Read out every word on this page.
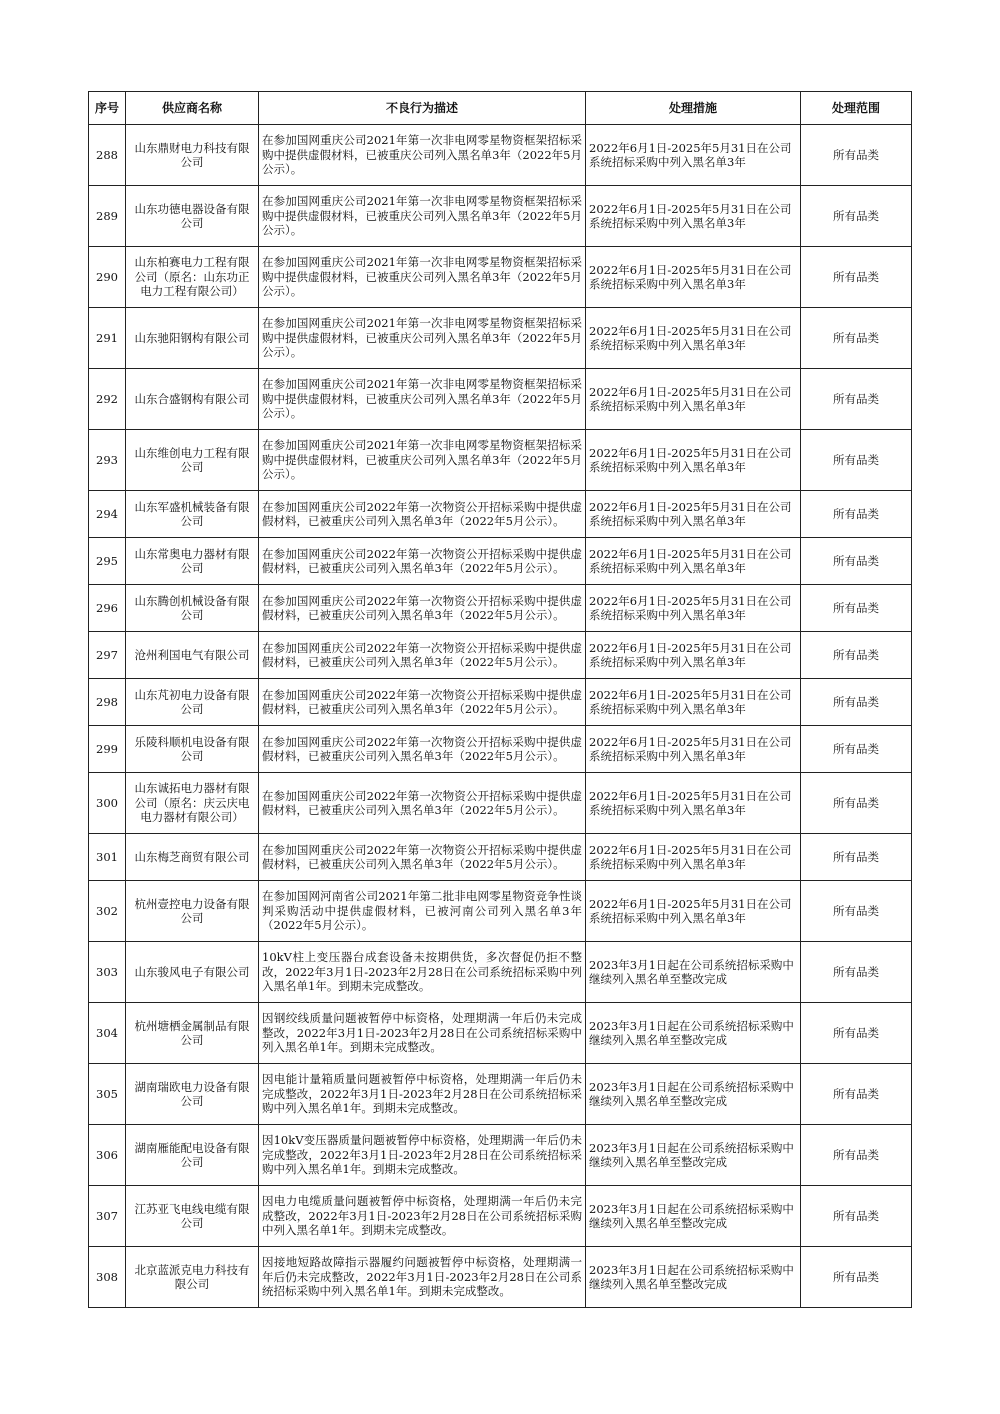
序号	供应商名称	不良行为描述	处理措施	处理范围
288	山东鼎财电力科技有限公司	在参加国网重庆公司2021年第一次非电网零星物资框架招标采购中提供虚假材料，已被重庆公司列入黑名单3年（2022年5月公示）。	2022年6月1日-2025年5月31日在公司系统招标采购中列入黑名单3年	所有品类
289	山东功德电器设备有限公司	在参加国网重庆公司2021年第一次非电网零星物资框架招标采购中提供虚假材料，已被重庆公司列入黑名单3年（2022年5月公示）。	2022年6月1日-2025年5月31日在公司系统招标采购中列入黑名单3年	所有品类
290	山东柏赛电力工程有限公司（原名：山东功正电力工程有限公司）	在参加国网重庆公司2021年第一次非电网零星物资框架招标采购中提供虚假材料，已被重庆公司列入黑名单3年（2022年5月公示）。	2022年6月1日-2025年5月31日在公司系统招标采购中列入黑名单3年	所有品类
291	山东驰阳钢构有限公司	在参加国网重庆公司2021年第一次非电网零星物资框架招标采购中提供虚假材料，已被重庆公司列入黑名单3年（2022年5月公示）。	2022年6月1日-2025年5月31日在公司系统招标采购中列入黑名单3年	所有品类
292	山东合盛钢构有限公司	在参加国网重庆公司2021年第一次非电网零星物资框架招标采购中提供虚假材料，已被重庆公司列入黑名单3年（2022年5月公示）。	2022年6月1日-2025年5月31日在公司系统招标采购中列入黑名单3年	所有品类
293	山东维创电力工程有限公司	在参加国网重庆公司2021年第一次非电网零星物资框架招标采购中提供虚假材料，已被重庆公司列入黑名单3年（2022年5月公示）。	2022年6月1日-2025年5月31日在公司系统招标采购中列入黑名单3年	所有品类
294	山东军盛机械装备有限公司	在参加国网重庆公司2022年第一次物资公开招标采购中提供虚假材料，已被重庆公司列入黑名单3年（2022年5月公示）。	2022年6月1日-2025年5月31日在公司系统招标采购中列入黑名单3年	所有品类
295	山东常奥电力器材有限公司	在参加国网重庆公司2022年第一次物资公开招标采购中提供虚假材料，已被重庆公司列入黑名单3年（2022年5月公示）。	2022年6月1日-2025年5月31日在公司系统招标采购中列入黑名单3年	所有品类
296	山东腾创机械设备有限公司	在参加国网重庆公司2022年第一次物资公开招标采购中提供虚假材料，已被重庆公司列入黑名单3年（2022年5月公示）。	2022年6月1日-2025年5月31日在公司系统招标采购中列入黑名单3年	所有品类
297	沧州利国电气有限公司	在参加国网重庆公司2022年第一次物资公开招标采购中提供虚假材料，已被重庆公司列入黑名单3年（2022年5月公示）。	2022年6月1日-2025年5月31日在公司系统招标采购中列入黑名单3年	所有品类
298	山东芃初电力设备有限公司	在参加国网重庆公司2022年第一次物资公开招标采购中提供虚假材料，已被重庆公司列入黑名单3年（2022年5月公示）。	2022年6月1日-2025年5月31日在公司系统招标采购中列入黑名单3年	所有品类
299	乐陵科顺机电设备有限公司	在参加国网重庆公司2022年第一次物资公开招标采购中提供虚假材料，已被重庆公司列入黑名单3年（2022年5月公示）。	2022年6月1日-2025年5月31日在公司系统招标采购中列入黑名单3年	所有品类
300	山东诚拓电力器材有限公司（原名：庆云庆电电力器材有限公司）	在参加国网重庆公司2022年第一次物资公开招标采购中提供虚假材料，已被重庆公司列入黑名单3年（2022年5月公示）。	2022年6月1日-2025年5月31日在公司系统招标采购中列入黑名单3年	所有品类
301	山东梅芝商贸有限公司	在参加国网重庆公司2022年第一次物资公开招标采购中提供虚假材料，已被重庆公司列入黑名单3年（2022年5月公示）。	2022年6月1日-2025年5月31日在公司系统招标采购中列入黑名单3年	所有品类
302	杭州壹控电力设备有限公司	在参加国网河南省公司2021年第二批非电网零星物资竞争性谈判采购活动中提供虚假材料，已被河南公司列入黑名单3年（2022年5月公示）。	2022年6月1日-2025年5月31日在公司系统招标采购中列入黑名单3年	所有品类
303	山东骏风电子有限公司	10kV柱上变压器台成套设备未按期供货，多次督促仍拒不整改，2022年3月1日-2023年2月28日在公司系统招标采购中列入黑名单1年。到期未完成整改。	2023年3月1日起在公司系统招标采购中继续列入黑名单至整改完成	所有品类
304	杭州塘栖金属制品有限公司	因钢绞线质量问题被暂停中标资格，处理期满一年后仍未完成整改，2022年3月1日-2023年2月28日在公司系统招标采购中列入黑名单1年。到期未完成整改。	2023年3月1日起在公司系统招标采购中继续列入黑名单至整改完成	所有品类
305	湖南瑞欧电力设备有限公司	因电能计量箱质量问题被暂停中标资格，处理期满一年后仍未完成整改，2022年3月1日-2023年2月28日在公司系统招标采购中列入黑名单1年。到期未完成整改。	2023年3月1日起在公司系统招标采购中继续列入黑名单至整改完成	所有品类
306	湖南雁能配电设备有限公司	因10kV变压器质量问题被暂停中标资格，处理期满一年后仍未完成整改，2022年3月1日-2023年2月28日在公司系统招标采购中列入黑名单1年。到期未完成整改。	2023年3月1日起在公司系统招标采购中继续列入黑名单至整改完成	所有品类
307	江苏亚飞电线电缆有限公司	因电力电缆质量问题被暂停中标资格，处理期满一年后仍未完成整改，2022年3月1日-2023年2月28日在公司系统招标采购中列入黑名单1年。到期未完成整改。	2023年3月1日起在公司系统招标采购中继续列入黑名单至整改完成	所有品类
308	北京蓝派克电力科技有限公司	因接地短路故障指示器履约问题被暂停中标资格，处理期满一年后仍未完成整改，2022年3月1日-2023年2月28日在公司系统招标采购中列入黑名单1年。到期未完成整改。	2023年3月1日起在公司系统招标采购中继续列入黑名单至整改完成	所有品类
